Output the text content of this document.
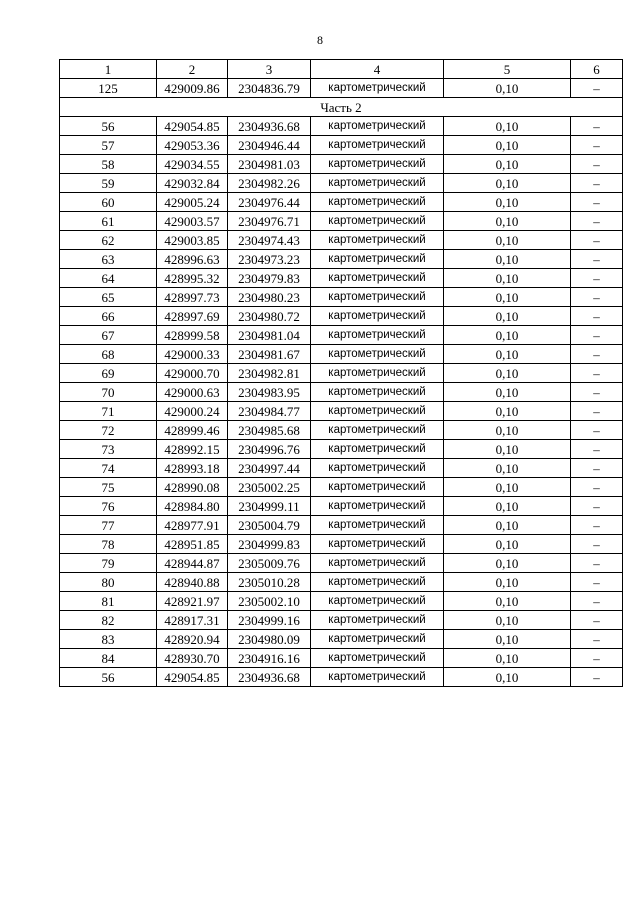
8
1	2	3	4	5	6
125	429009.86	2304836.79	картометрический	0,10	–
Часть 2					
56	429054.85	2304936.68	картометрический	0,10	–
57	429053.36	2304946.44	картометрический	0,10	–
58	429034.55	2304981.03	картометрический	0,10	–
59	429032.84	2304982.26	картометрический	0,10	–
60	429005.24	2304976.44	картометрический	0,10	–
61	429003.57	2304976.71	картометрический	0,10	–
62	429003.85	2304974.43	картометрический	0,10	–
63	428996.63	2304973.23	картометрический	0,10	–
64	428995.32	2304979.83	картометрический	0,10	–
65	428997.73	2304980.23	картометрический	0,10	–
66	428997.69	2304980.72	картометрический	0,10	–
67	428999.58	2304981.04	картометрический	0,10	–
68	429000.33	2304981.67	картометрический	0,10	–
69	429000.70	2304982.81	картометрический	0,10	–
70	429000.63	2304983.95	картометрический	0,10	–
71	429000.24	2304984.77	картометрический	0,10	–
72	428999.46	2304985.68	картометрический	0,10	–
73	428992.15	2304996.76	картометрический	0,10	–
74	428993.18	2304997.44	картометрический	0,10	–
75	428990.08	2305002.25	картометрический	0,10	–
76	428984.80	2304999.11	картометрический	0,10	–
77	428977.91	2305004.79	картометрический	0,10	–
78	428951.85	2304999.83	картометрический	0,10	–
79	428944.87	2305009.76	картометрический	0,10	–
80	428940.88	2305010.28	картометрический	0,10	–
81	428921.97	2305002.10	картометрический	0,10	–
82	428917.31	2304999.16	картометрический	0,10	–
83	428920.94	2304980.09	картометрический	0,10	–
84	428930.70	2304916.16	картометрический	0,10	–
56	429054.85	2304936.68	картометрический	0,10	–
